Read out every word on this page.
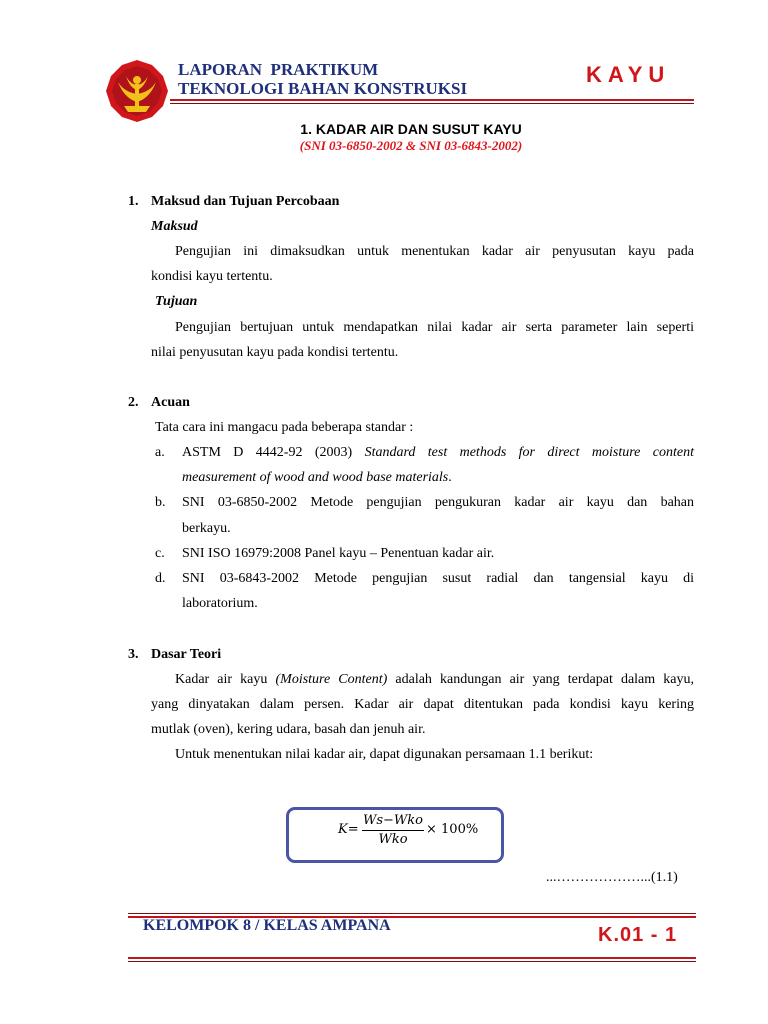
LAPORAN  PRAKTIKUM
TEKNOLOGI BAHAN KONSTRUKSI
KAYU
1. KADAR AIR DAN SUSUT KAYU
(SNI 03-6850-2002 & SNI 03-6843-2002)
1. Maksud dan Tujuan Percobaan
Maksud
Pengujian ini dimaksudkan untuk menentukan kadar air penyusutan kayu pada
kondisi kayu tertentu.
Tujuan
Pengujian bertujuan untuk mendapatkan nilai kadar air serta parameter lain seperti
nilai penyusutan kayu pada kondisi tertentu.
2. Acuan
Tata cara ini mangacu pada beberapa standar :
a. ASTM D 4442-92 (2003) Standard test methods for direct moisture content
measurement of wood and wood base materials.
b. SNI 03-6850-2002 Metode pengujian pengukuran kadar air kayu dan bahan
berkayu.
c. SNI ISO 16979:2008 Panel kayu – Penentuan kadar air.
d. SNI 03-6843-2002 Metode pengujian susut radial dan tangensial kayu di
laboratorium.
3. Dasar Teori
Kadar air kayu (Moisture Content) adalah kandungan air yang terdapat dalam kayu,
yang dinyatakan dalam persen. Kadar air dapat ditentukan pada kondisi kayu kering
mutlak (oven), kering udara, basah dan jenuh air.
Untuk menentukan nilai kadar air, dapat digunakan persamaan 1.1 berikut:
K=
Ws−Wko
Wko
× 100%
...………………...(1.1)
KELOMPOK 8 / KELAS AMPANA	K.01 - 1
